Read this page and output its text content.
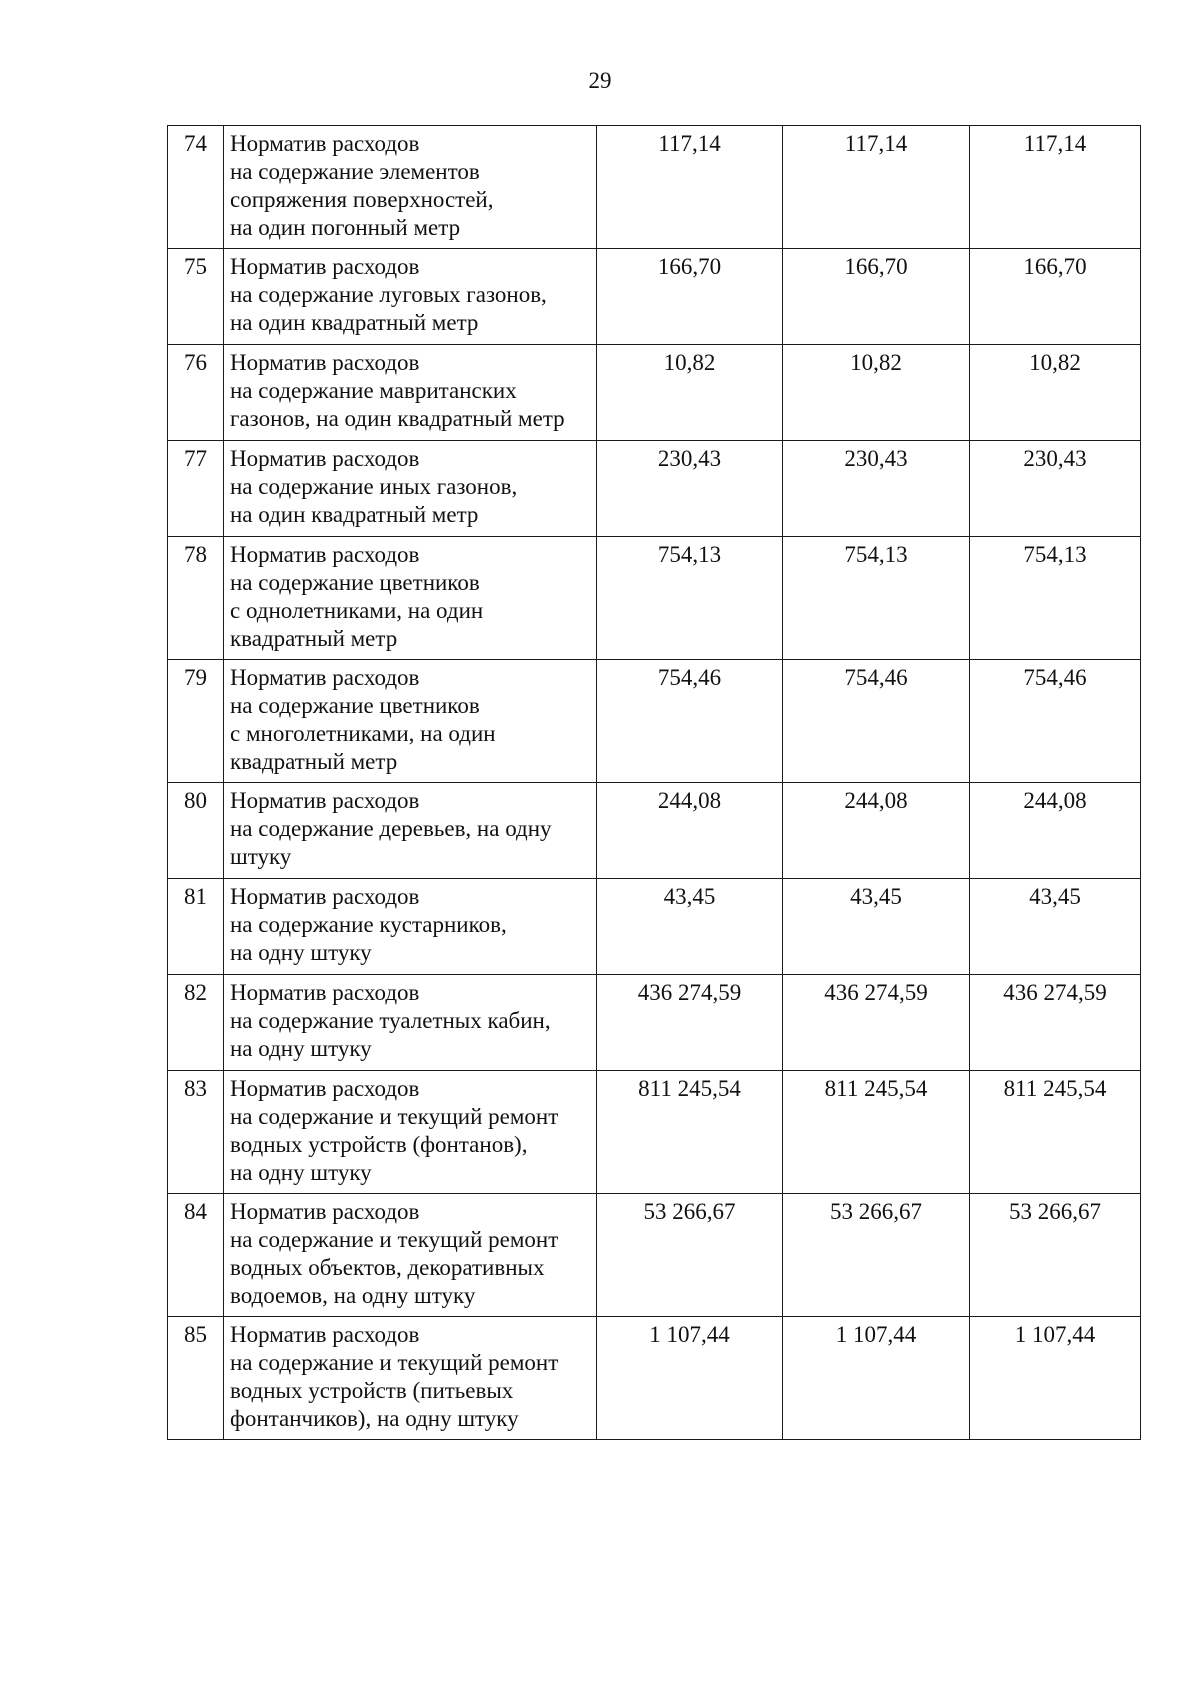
29
74	Норматив расходов
на содержание элементов
сопряжения поверхностей,
на один погонный метр	117,14	117,14	117,14
75	Норматив расходов
на содержание луговых газонов,
на один квадратный метр	166,70	166,70	166,70
76	Норматив расходов
на содержание мавританских
газонов, на один квадратный метр	10,82	10,82	10,82
77	Норматив расходов
на содержание иных газонов,
на один квадратный метр	230,43	230,43	230,43
78	Норматив расходов
на содержание цветников
с однолетниками, на один
квадратный метр	754,13	754,13	754,13
79	Норматив расходов
на содержание цветников
с многолетниками, на один
квадратный метр	754,46	754,46	754,46
80	Норматив расходов
на содержание деревьев, на одну
штуку	244,08	244,08	244,08
81	Норматив расходов
на содержание кустарников,
на одну штуку	43,45	43,45	43,45
82	Норматив расходов
на содержание туалетных кабин,
на одну штуку	436 274,59	436 274,59	436 274,59
83	Норматив расходов
на содержание и текущий ремонт
водных устройств (фонтанов),
на одну штуку	811 245,54	811 245,54	811 245,54
84	Норматив расходов
на содержание и текущий ремонт
водных объектов, декоративных
водоемов, на одну штуку	53 266,67	53 266,67	53 266,67
85	Норматив расходов
на содержание и текущий ремонт
водных устройств (питьевых
фонтанчиков), на одну штуку	1 107,44	1 107,44	1 107,44
